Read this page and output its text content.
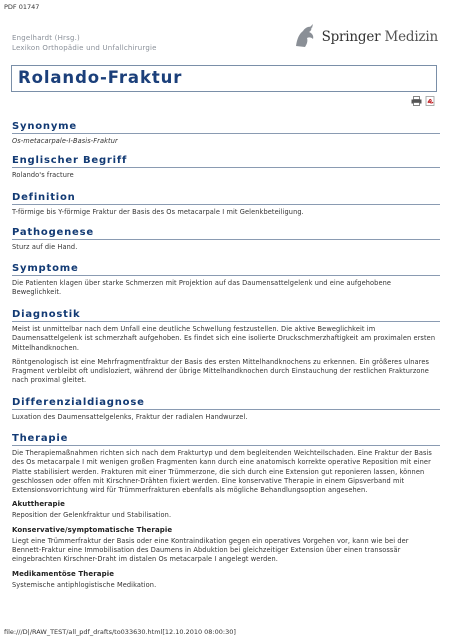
PDF 01747
Engelhardt (Hrsg.)
Lexikon Orthopädie und Unfallchirurgie
Springer Medizin
Rolando-Fraktur
Synonyme
Os-metacarpale-I-Basis-Fraktur
Englischer Begriff
Rolando's fracture
Definition
T-förmige bis Y-förmige Fraktur der Basis des Os metacarpale I mit Gelenkbeteiligung.
Pathogenese
Sturz auf die Hand.
Symptome
Die Patienten klagen über starke Schmerzen mit Projektion auf das Daumensattelgelenk und eine aufgehobene Beweglichkeit.
Diagnostik

Meist ist unmittelbar nach dem Unfall eine deutliche Schwellung festzustellen. Die aktive Beweglichkeit im Daumensattelgelenk ist schmerzhaft aufgehoben. Es findet sich eine isolierte Druckschmerzhaftigkeit am proximalen ersten Mittelhandknochen.

Röntgenologisch ist eine Mehrfragmentfraktur der Basis des ersten Mittelhandknochens zu erkennen. Ein größeres ulnares Fragment verbleibt oft undisloziert, während der übrige Mittelhandknochen durch Einstauchung der restlichen Frakturzone nach proximal gleitet.

Differenzialdiagnose
Luxation des Daumensattelgelenks, Fraktur der radialen Handwurzel.
Therapie

Die Therapiemaßnahmen richten sich nach dem Frakturtyp und dem begleitenden Weichteilschaden. Eine Fraktur der Basis des Os metacarpale I mit wenigen großen Fragmenten kann durch eine anatomisch korrekte operative Reposition mit einer Platte stabilisiert werden. Frakturen mit einer Trümmerzone, die sich durch eine Extension gut reponieren lassen, können geschlossen oder offen mit Kirschner-Drähten fixiert werden. Eine konservative Therapie in einem Gipsverband mit Extensionsvorrichtung wird für Trümmerfrakturen ebenfalls als mögliche Behandlungsoption angesehen.

Akuttherapie
Reposition der Gelenkfraktur und Stabilisation.
Konservative/symptomatische Therapie
Liegt eine Trümmerfraktur der Basis oder eine Kontraindikation gegen ein operatives Vorgehen vor, kann wie bei der Bennett-Fraktur eine Immobilisation des Daumens in Abduktion bei gleichzeitiger Extension über einen transossär eingebrachten Kirschner-Draht im distalen Os metacarpale I angelegt werden.
Medikamentöse Therapie
Systemische antiphlogistische Medikation.
file:///D|/RAW_TEST/all_pdf_drafts/to033630.html[12.10.2010 08:00:30]
